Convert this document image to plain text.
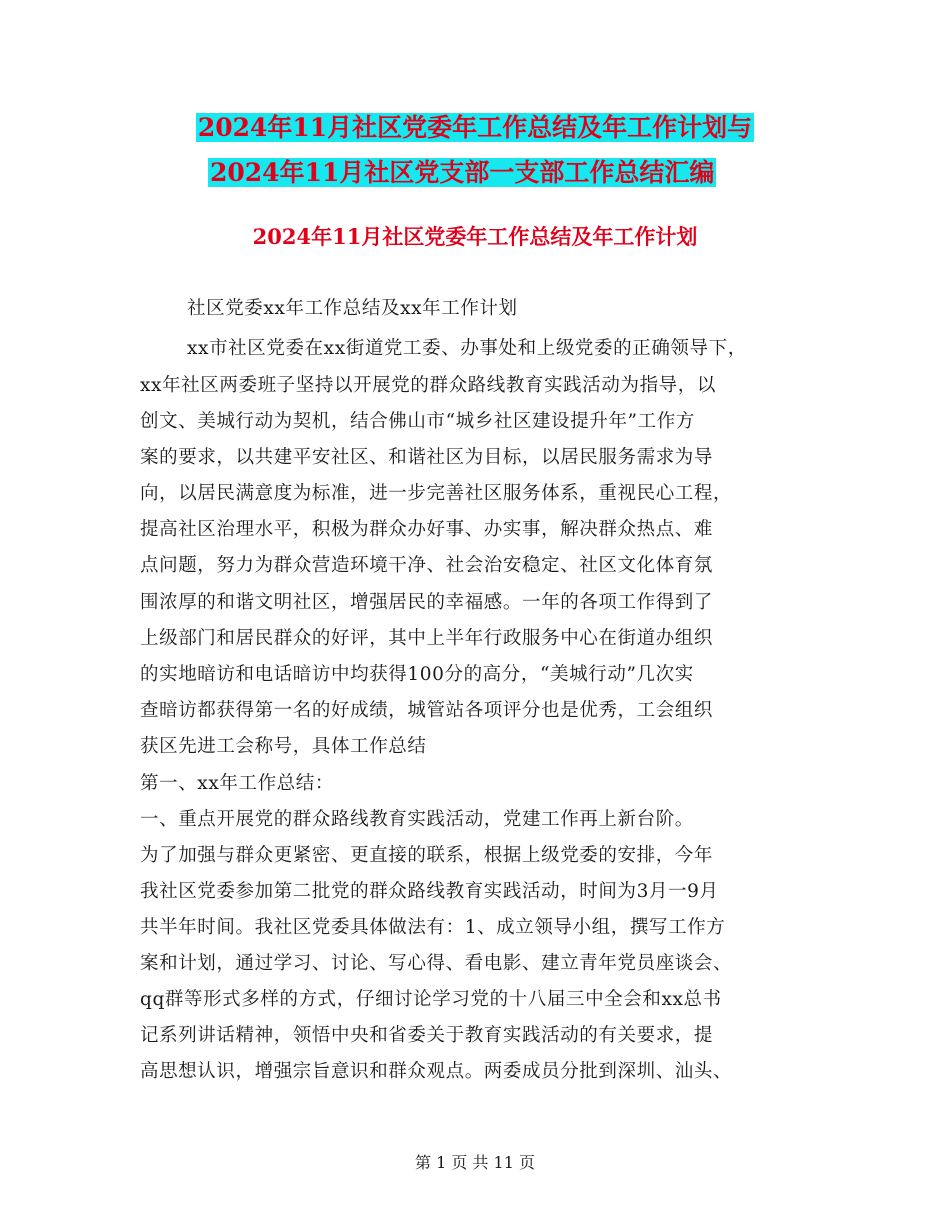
2024年11月社区党委年工作总结及年工作计划与
2024年11月社区党支部一支部工作总结汇编
2024年11月社区党委年工作总结及年工作计划
社区党委xx年工作总结及xx年工作计划
xx市社区党委在xx街道党工委、办事处和上级党委的正确领导下，
xx年社区两委班子坚持以开展党的群众路线教育实践活动为指导，以
创文、美城行动为契机，结合佛山市“城乡社区建设提升年”工作方
案的要求，以共建平安社区、和谐社区为目标，以居民服务需求为导
向，以居民满意度为标准，进一步完善社区服务体系，重视民心工程，
提高社区治理水平，积极为群众办好事、办实事，解决群众热点、难
点问题，努力为群众营造环境干净、社会治安稳定、社区文化体育氛
围浓厚的和谐文明社区，增强居民的幸福感。一年的各项工作得到了
上级部门和居民群众的好评，其中上半年行政服务中心在街道办组织
的实地暗访和电话暗访中均获得100分的高分，“美城行动”几次实
查暗访都获得第一名的好成绩，城管站各项评分也是优秀，工会组织
获区先进工会称号，具体工作总结
第一、xx年工作总结：
一、重点开展党的群众路线教育实践活动，党建工作再上新台阶。
为了加强与群众更紧密、更直接的联系，根据上级党委的安排，今年
我社区党委参加第二批党的群众路线教育实践活动，时间为3月一9月
共半年时间。我社区党委具体做法有：1、成立领导小组，撰写工作方
案和计划，通过学习、讨论、写心得、看电影、建立青年党员座谈会、
qq群等形式多样的方式，仔细讨论学习党的十八届三中全会和xx总书
记系列讲话精神，领悟中央和省委关于教育实践活动的有关要求，提
高思想认识，增强宗旨意识和群众观点。两委成员分批到深圳、汕头、
第 1 页 共 11 页
